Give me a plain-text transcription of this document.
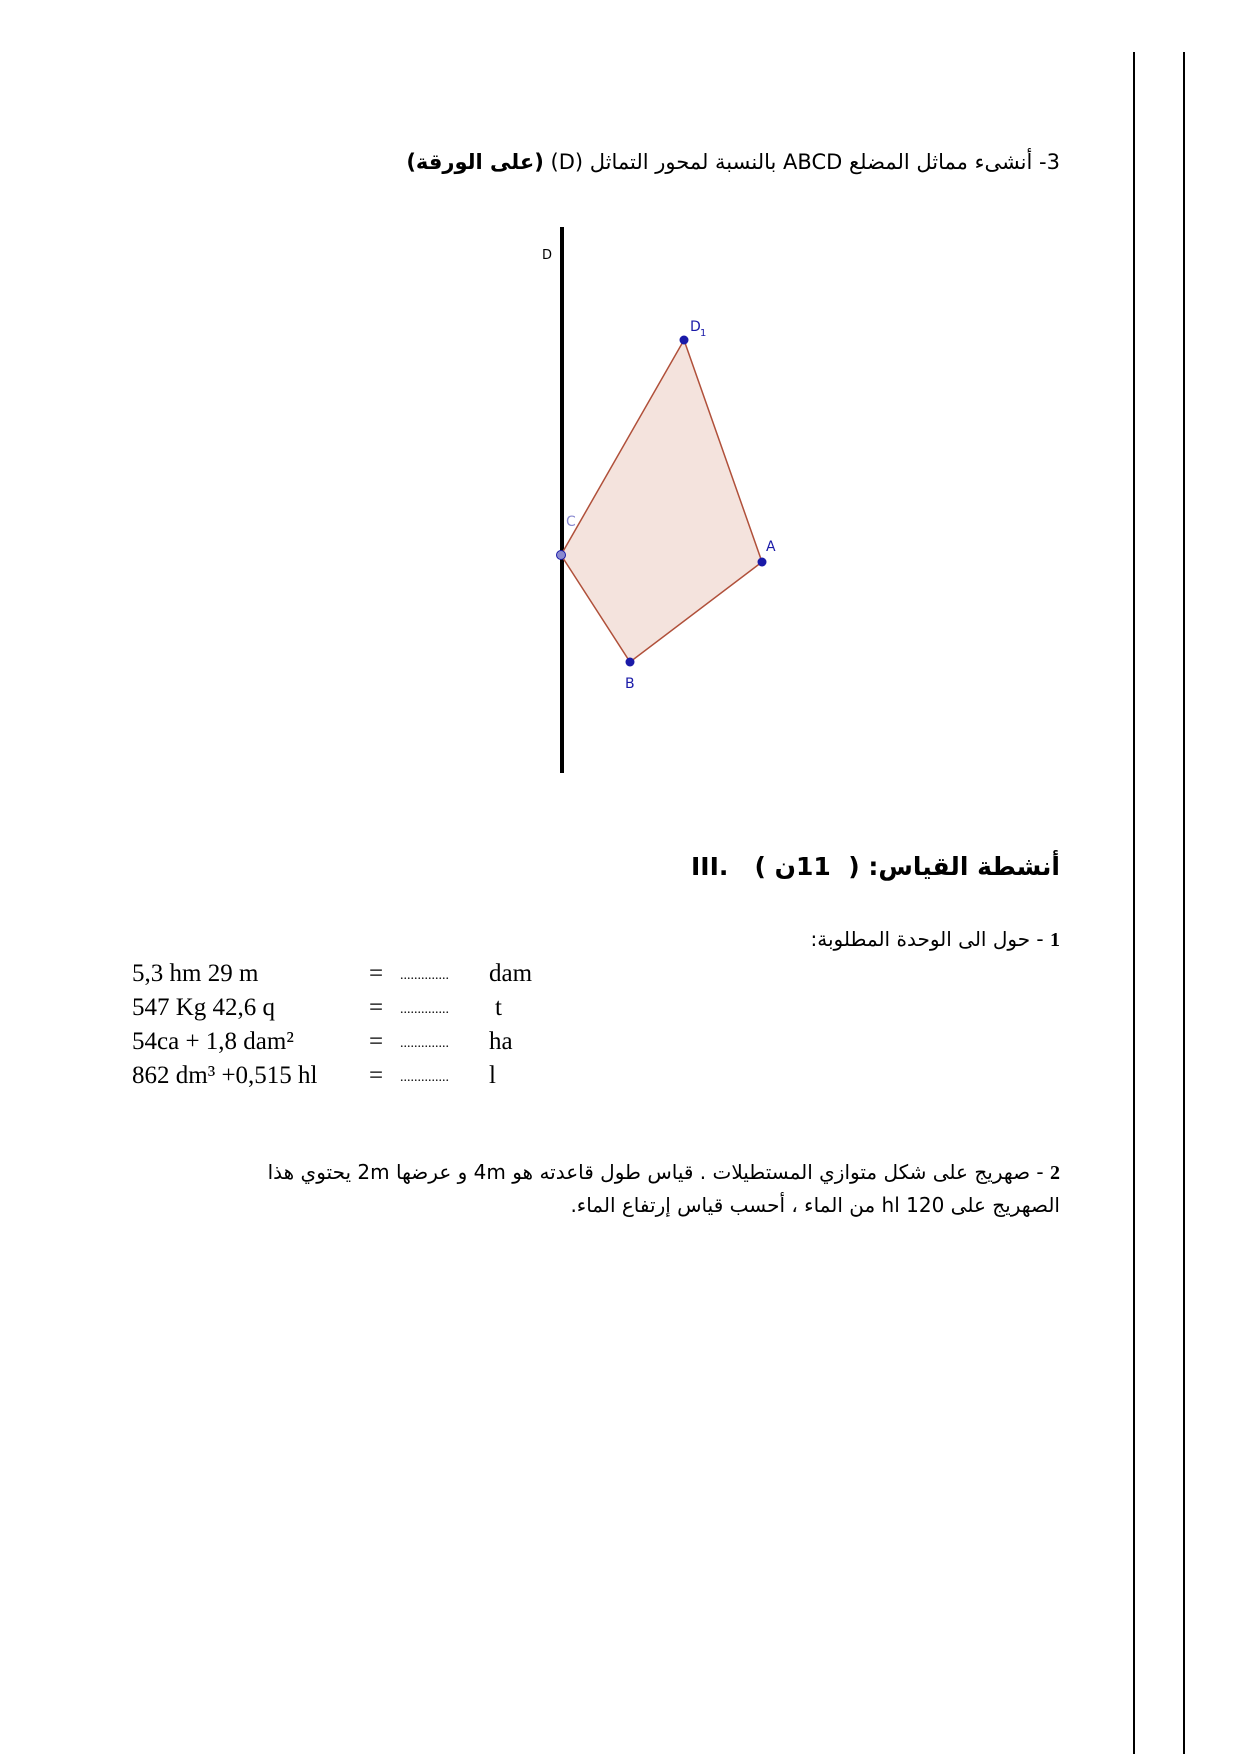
3- أنشىء مماثل المضلع ABCD بالنسبة لمحور التماثل (D) (على الورقة)
D
D 1
C
A
B
III.	أنشطة القياس: (  11ن )
1 - حول الى الوحدة المطلوبة:
5,3 hm 29 m	= .............. dam
547 Kg 42,6 q	= .............. t
54ca + 1,8 dam²	= .............. ha
862 dm³ +0,515 hl = .............. l
2 - صهريج على شكل متوازي المستطيلات . قياس طول قاعدته هو 4m و عرضها 2m يحتوي هذا
الصهريج على 120 hl من الماء ، أحسب قياس إرتفاع الماء.
